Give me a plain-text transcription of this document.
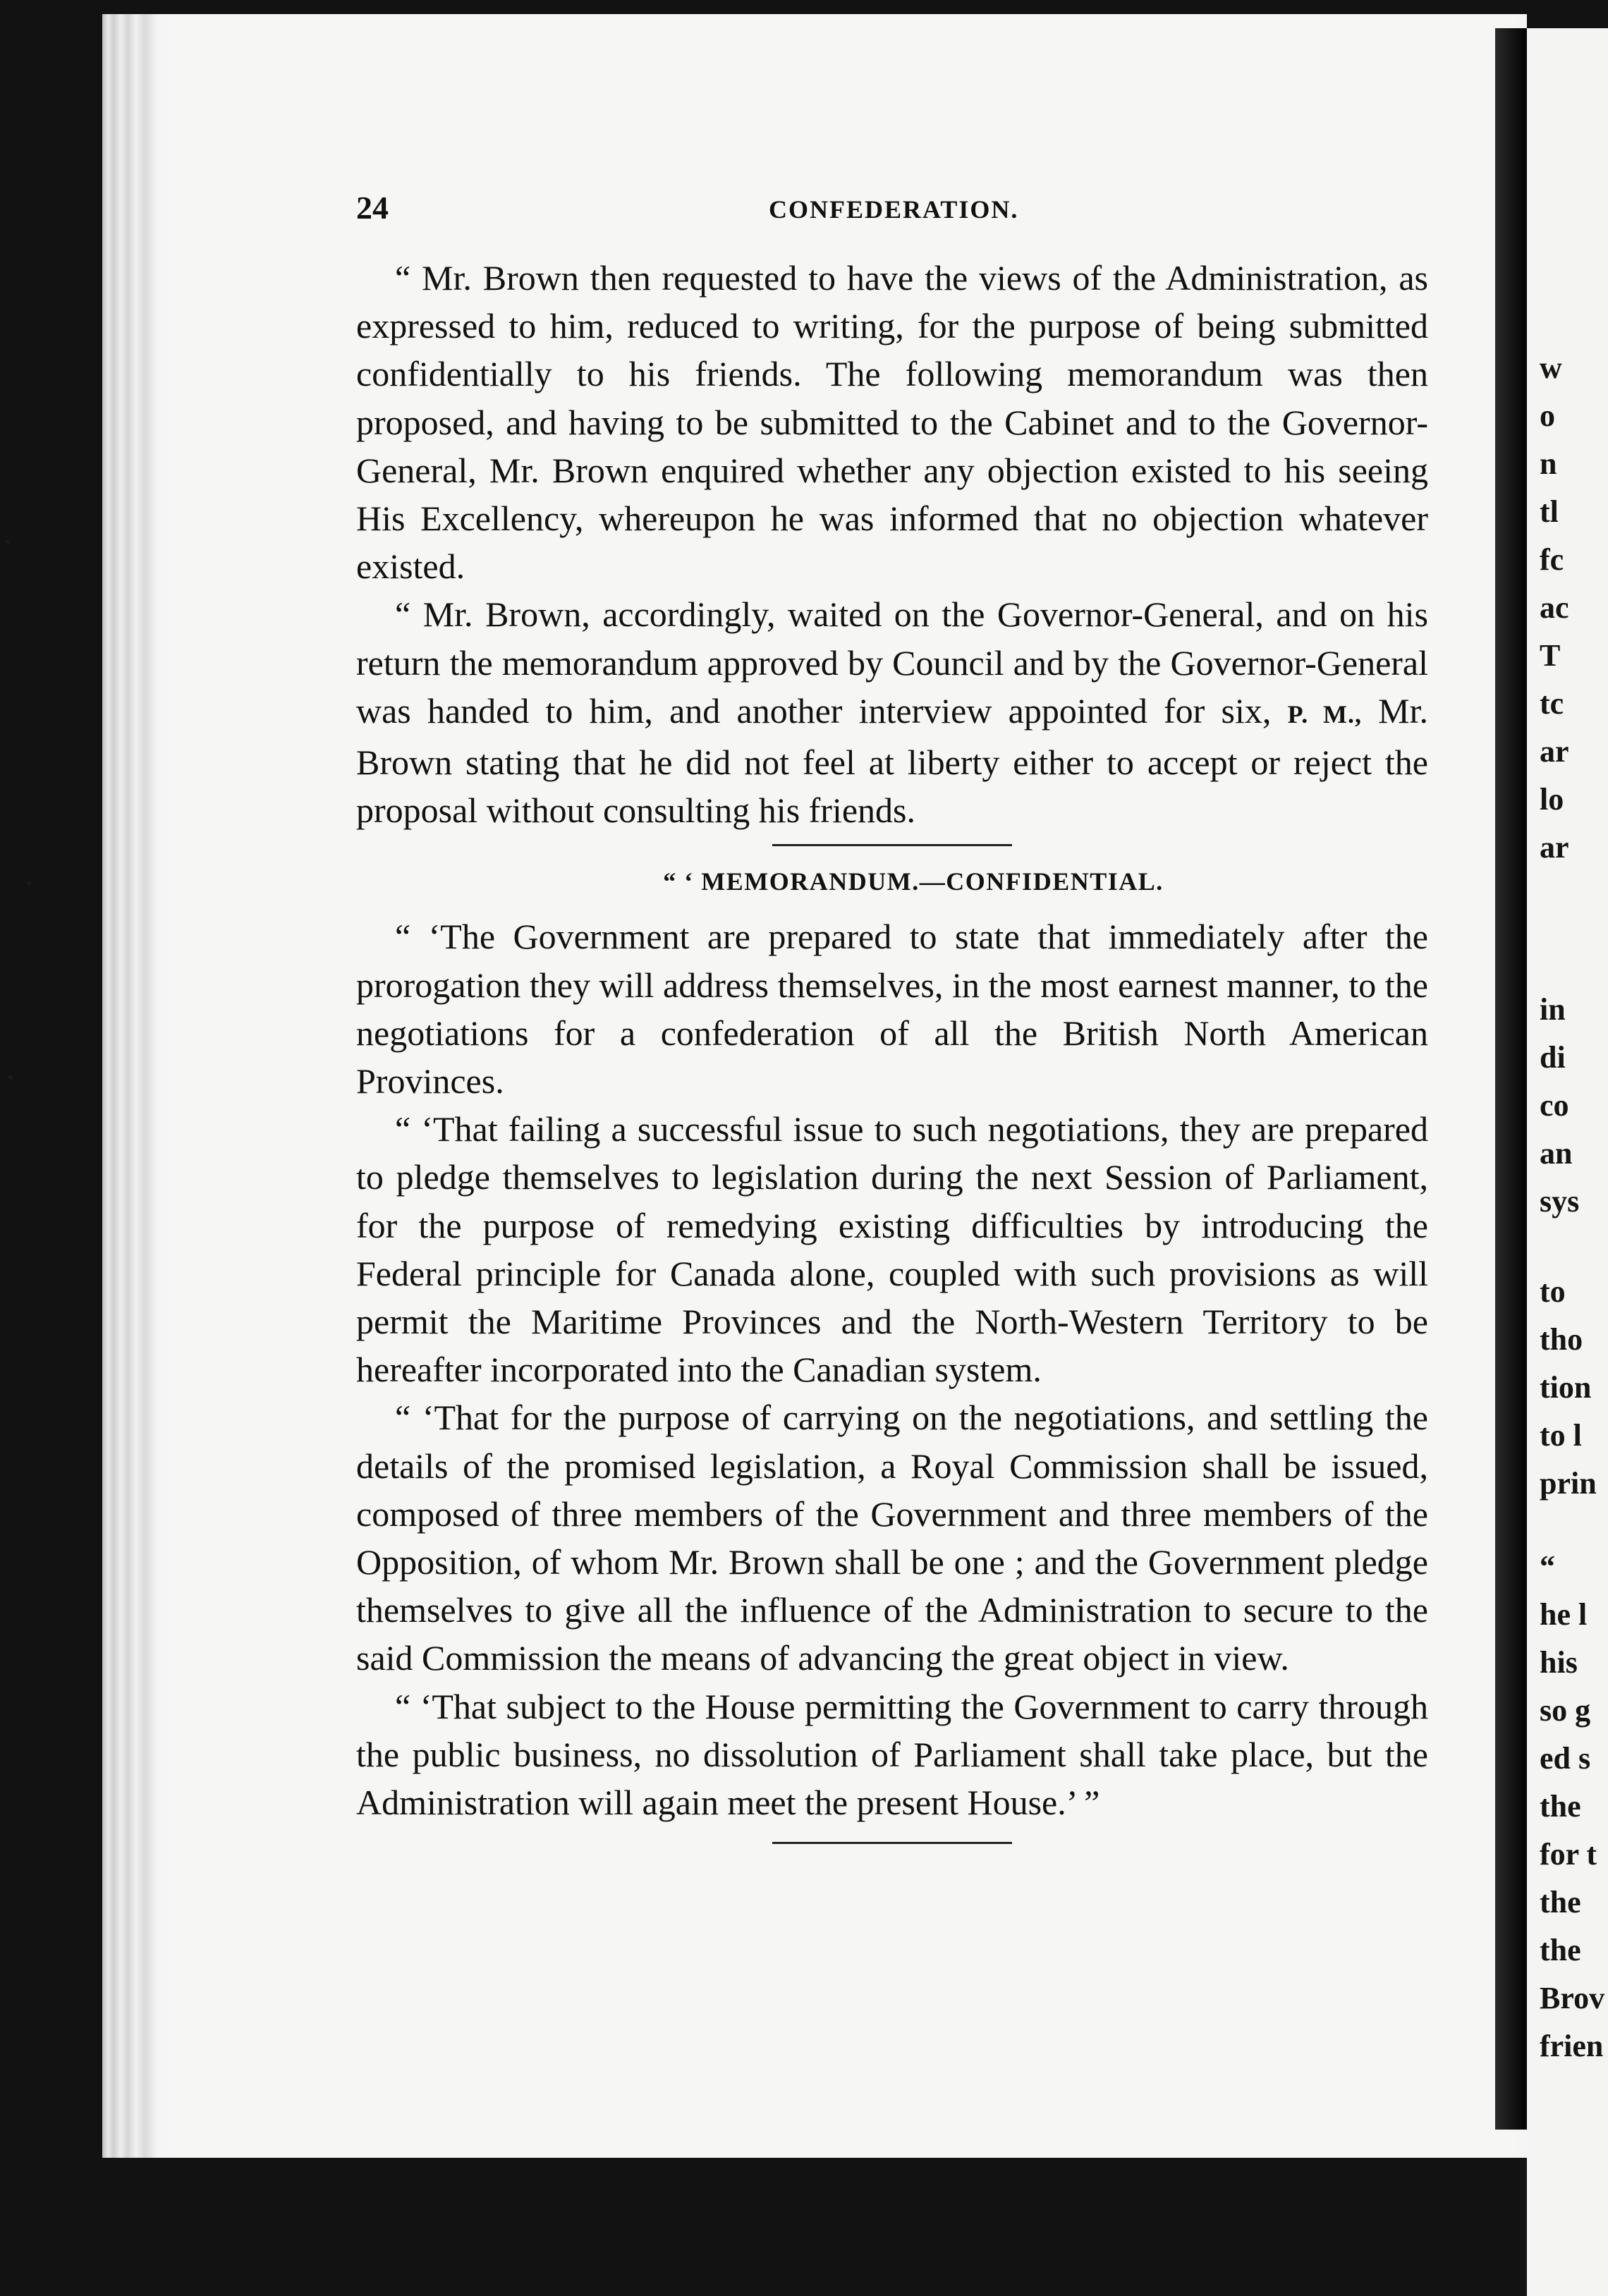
w
o
n
tl
fc
ac
T
tc
ar
lo
ar
in
di
co
an
sys
to
tho
tion
to l
prin
“
he l
his
so g
ed s
the
for t
the
the
Brov
frien
24	CONFEDERATION.

“ Mr. Brown then requested to have the views of the Administration, as expressed to him, reduced to writing, for the purpose of being submitted confidentially to his friends. The following memorandum was then proposed, and having to be submitted to the Cabinet and to the Governor-General, Mr. Brown enquired whether any objection existed to his seeing His Excellency, whereupon he was informed that no objection whatever existed.

“ Mr. Brown, accordingly, waited on the Governor-General, and on his return the memorandum approved by Council and by the Governor-General was handed to him, and another interview appointed for six, P. M., Mr. Brown stating that he did not feel at liberty either to accept or reject the proposal without consulting his friends.

“ ‘ MEMORANDUM.—CONFIDENTIAL.

“ ‘The Government are prepared to state that immediately after the prorogation they will address themselves, in the most earnest manner, to the negotiations for a confederation of all the British North American Provinces.

“ ‘That failing a successful issue to such negotiations, they are prepared to pledge themselves to legislation during the next Session of Parliament, for the purpose of remedying existing difficulties by introducing the Federal principle for Canada alone, coupled with such provisions as will permit the Maritime Provinces and the North-Western Territory to be hereafter incorporated into the Canadian system.

“ ‘That for the purpose of carrying on the negotiations, and settling the details of the promised legislation, a Royal Commission shall be issued, composed of three members of the Government and three members of the Opposition, of whom Mr. Brown shall be one ; and the Government pledge themselves to give all the influence of the Administration to secure to the said Commission the means of advancing the great object in view.

“ ‘That subject to the House permitting the Government to carry through the public business, no dissolution of Parliament shall take place, but the Administration will again meet the present House.’ ”
